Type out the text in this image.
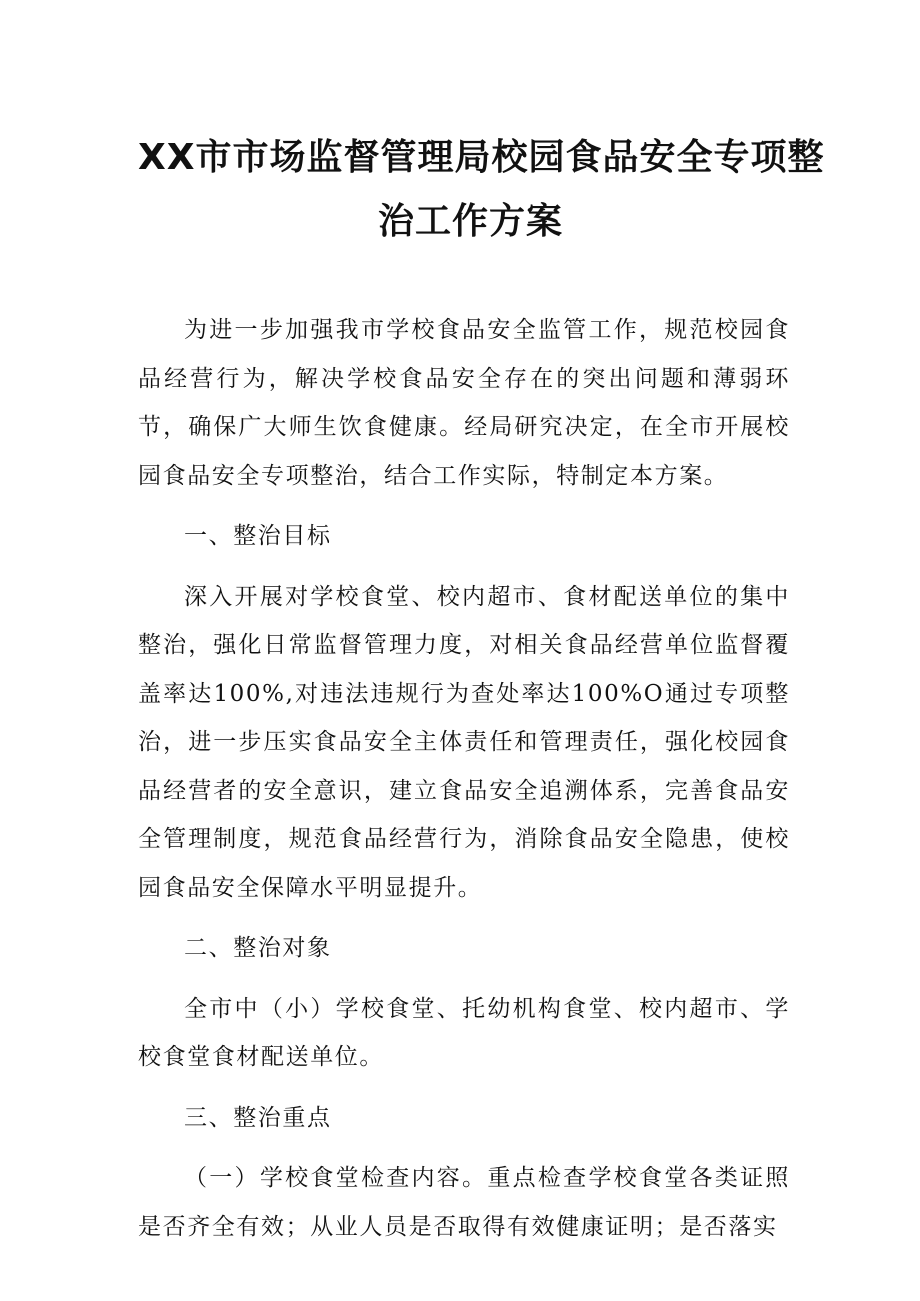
XX市市场监督管理局校园食品安全专项整
治工作方案

为进一步加强我市学校食品安全监管工作，规范校园食品经营行为，解决学校食品安全存在的突出问题和薄弱环节，确保广大师生饮食健康。经局研究决定，在全市开展校园食品安全专项整治，结合工作实际，特制定本方案。

一、整治目标

深入开展对学校食堂、校内超市、食材配送单位的集中整治，强化日常监督管理力度，对相关食品经营单位监督覆盖率达100%,对违法违规行为查处率达100%O通过专项整治，进一步压实食品安全主体责任和管理责任，强化校园食品经营者的安全意识，建立食品安全追溯体系，完善食品安全管理制度，规范食品经营行为，消除食品安全隐患，使校园食品安全保障水平明显提升。

二、整治对象

全市中（小）学校食堂、托幼机构食堂、校内超市、学校食堂食材配送单位。

三、整治重点

（一）学校食堂检查内容。重点检查学校食堂各类证照是否齐全有效；从业人员是否取得有效健康证明；是否落实
